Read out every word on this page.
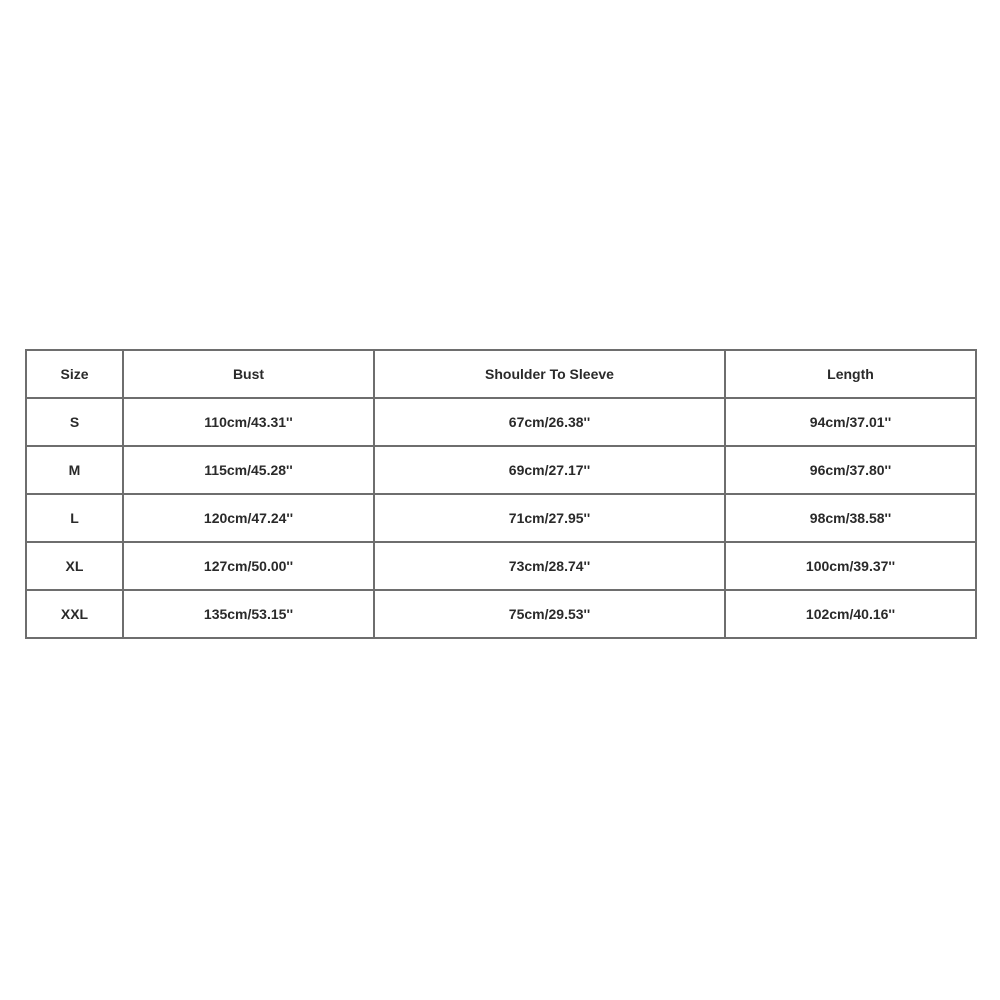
Size	Bust	Shoulder To Sleeve	Length
S	110cm/43.31''	67cm/26.38''	94cm/37.01''
M	115cm/45.28''	69cm/27.17''	96cm/37.80''
L	120cm/47.24''	71cm/27.95''	98cm/38.58''
XL	127cm/50.00''	73cm/28.74''	100cm/39.37''
XXL	135cm/53.15''	75cm/29.53''	102cm/40.16''
